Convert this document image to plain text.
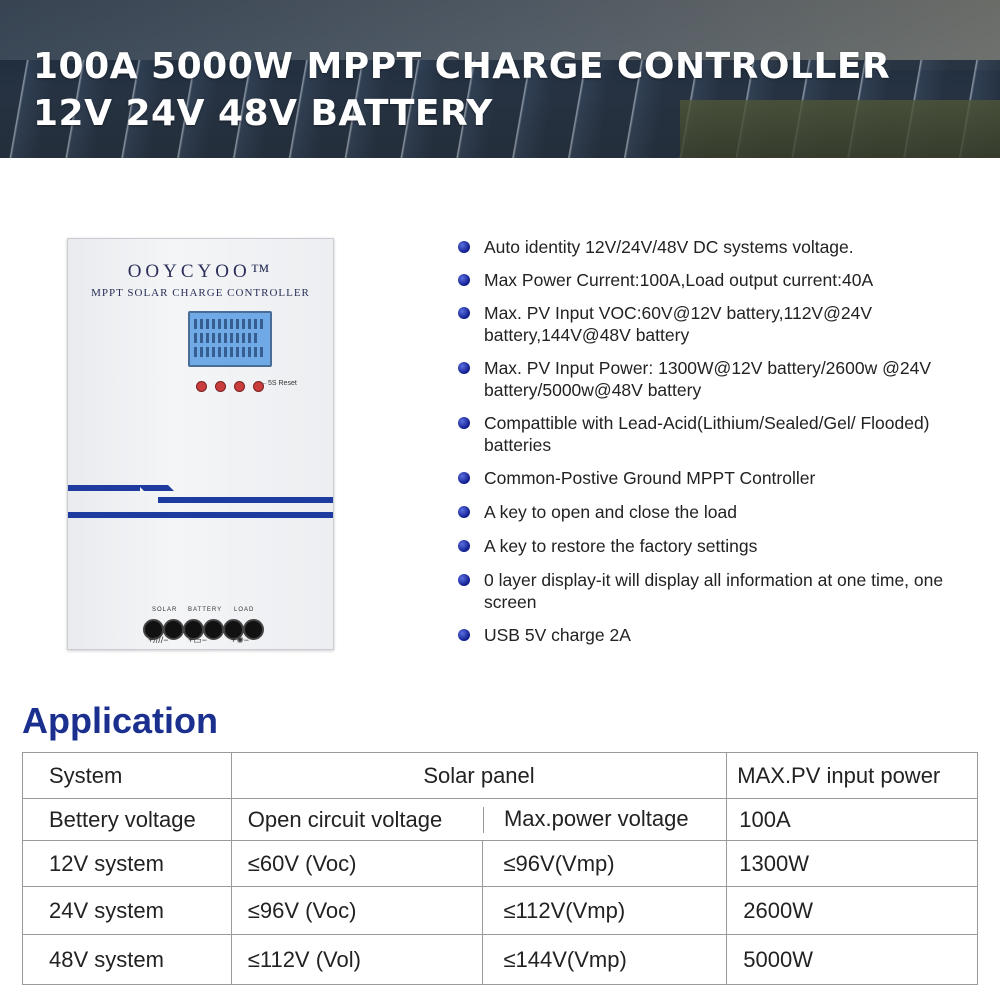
100A 5000W MPPT CHARGE CONTROLLER
12V 24V 48V BATTERY
OOYCYOO™
MPPT SOLAR CHARGE CONTROLLER
←5S Reset
SOLAR BATTERY LOAD
+////− +▭−	+✺−
Auto identity 12V/24V/48V DC systems voltage.
Max Power Current:100A,Load output current:40A
Max. PV Input VOC:60V@12V battery,112V@24V battery,144V@48V battery
Max. PV Input Power: 1300W@12V battery/2600w @24V battery/5000w@48V battery
Compattible with Lead-Acid(Lithium/Sealed/Gel/ Flooded) batteries
Common-Postive Ground MPPT Controller
A key to open and close the load
A key to restore the factory settings
0 layer display-it will display all information at one time, one screen
USB 5V charge 2A
Application
System	Solar panel		MAX.PV input power
Bettery voltage	Open circuit voltage	Max.power voltage	100A
12V system	≤60V (Voc)	≤96V(Vmp)	1300W
24V system	≤96V (Voc)	≤112V(Vmp)	2600W
48V system	≤112V (Vol)	≤144V(Vmp)	5000W
